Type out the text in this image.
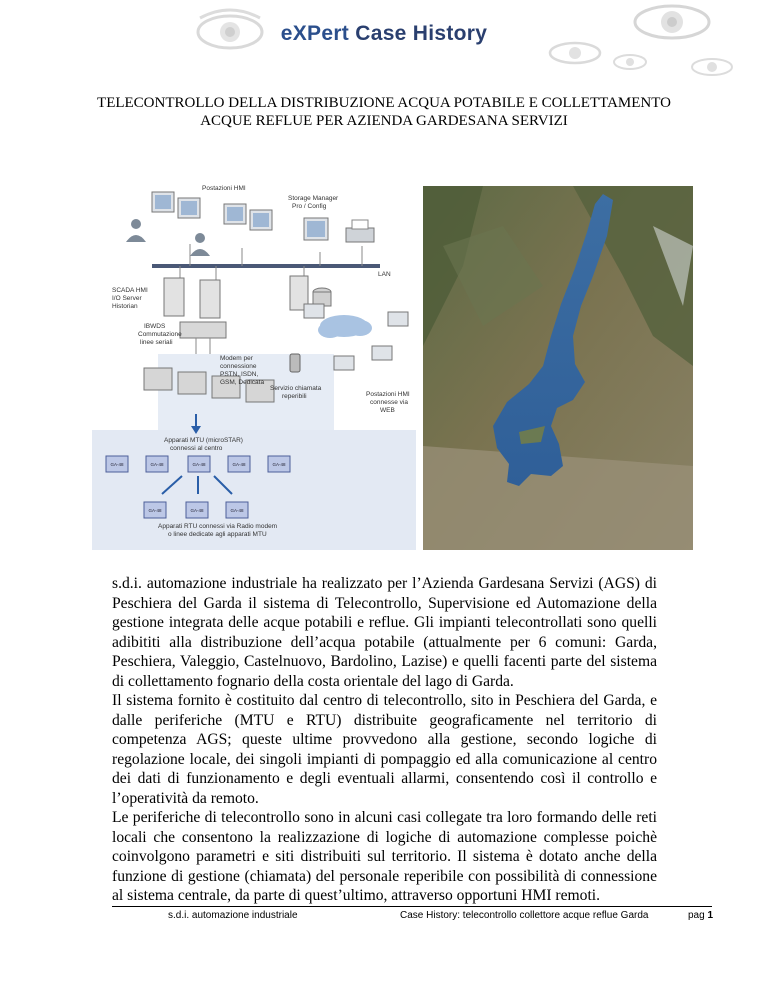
eXPert Case History
TELECONTROLLO DELLA DISTRIBUZIONE ACQUA POTABILE E COLLETTAMENTO
ACQUE REFLUE PER AZIENDA GARDESANA SERVIZI
Postazioni HMI
Storage Manager
Pro / Config
LAN
SCADA HMI
I/O Server
Historian
IBWDS
Commutazione
linee seriali
Modem per
connessione
PSTN, ISDN,
GSM, Dedicata
Servizio chiamata
reperibili	Postazioni HMI
connesse via
WEB
Apparati MTU (microSTAR)
connessi al centro
Apparati RTU connessi via Radio modem
o linee dedicate agli apparati MTU
GA-48	GA-48	GA-48	GA-48	GA-48
GA-48	GA-48	GA-48

s.d.i. automazione industriale ha realizzato per l’Azienda Gardesana Servizi (AGS) di Peschiera del Garda il sistema di Telecontrollo, Supervisione ed Automazione della gestione integrata delle acque potabili e reflue. Gli impianti telecontrollati sono quelli adibititi alla distribuzione dell’acqua potabile (attualmente per 6 comuni: Garda, Peschiera, Valeggio, Castelnuovo, Bardolino, Lazise) e quelli facenti parte del sistema di collettamento fognario della costa orientale del lago di Garda.

Il sistema fornito è costituito dal centro di telecontrollo, sito in Peschiera del Garda, e dalle periferiche (MTU e RTU) distribuite geograficamente nel territorio di competenza AGS; queste ultime provvedono alla gestione, secondo logiche di regolazione locale, dei singoli impianti di pompaggio ed alla comunicazione al centro dei dati di funzionamento e degli eventuali allarmi, consentendo così il controllo e l’operatività da remoto.

Le periferiche di telecontrollo sono in alcuni casi collegate tra loro formando delle reti locali che consentono la realizzazione di logiche di automazione complesse poichè coinvolgono parametri e siti distribuiti sul territorio. Il sistema è dotato anche della funzione di gestione (chiamata) del personale reperibile con possibilità di connessione al sistema centrale, da parte di quest’ultimo, attraverso opportuni HMI remoti.

s.d.i. automazione industriale	Case History: telecontrollo collettore acque reflue Garda	pag 1
